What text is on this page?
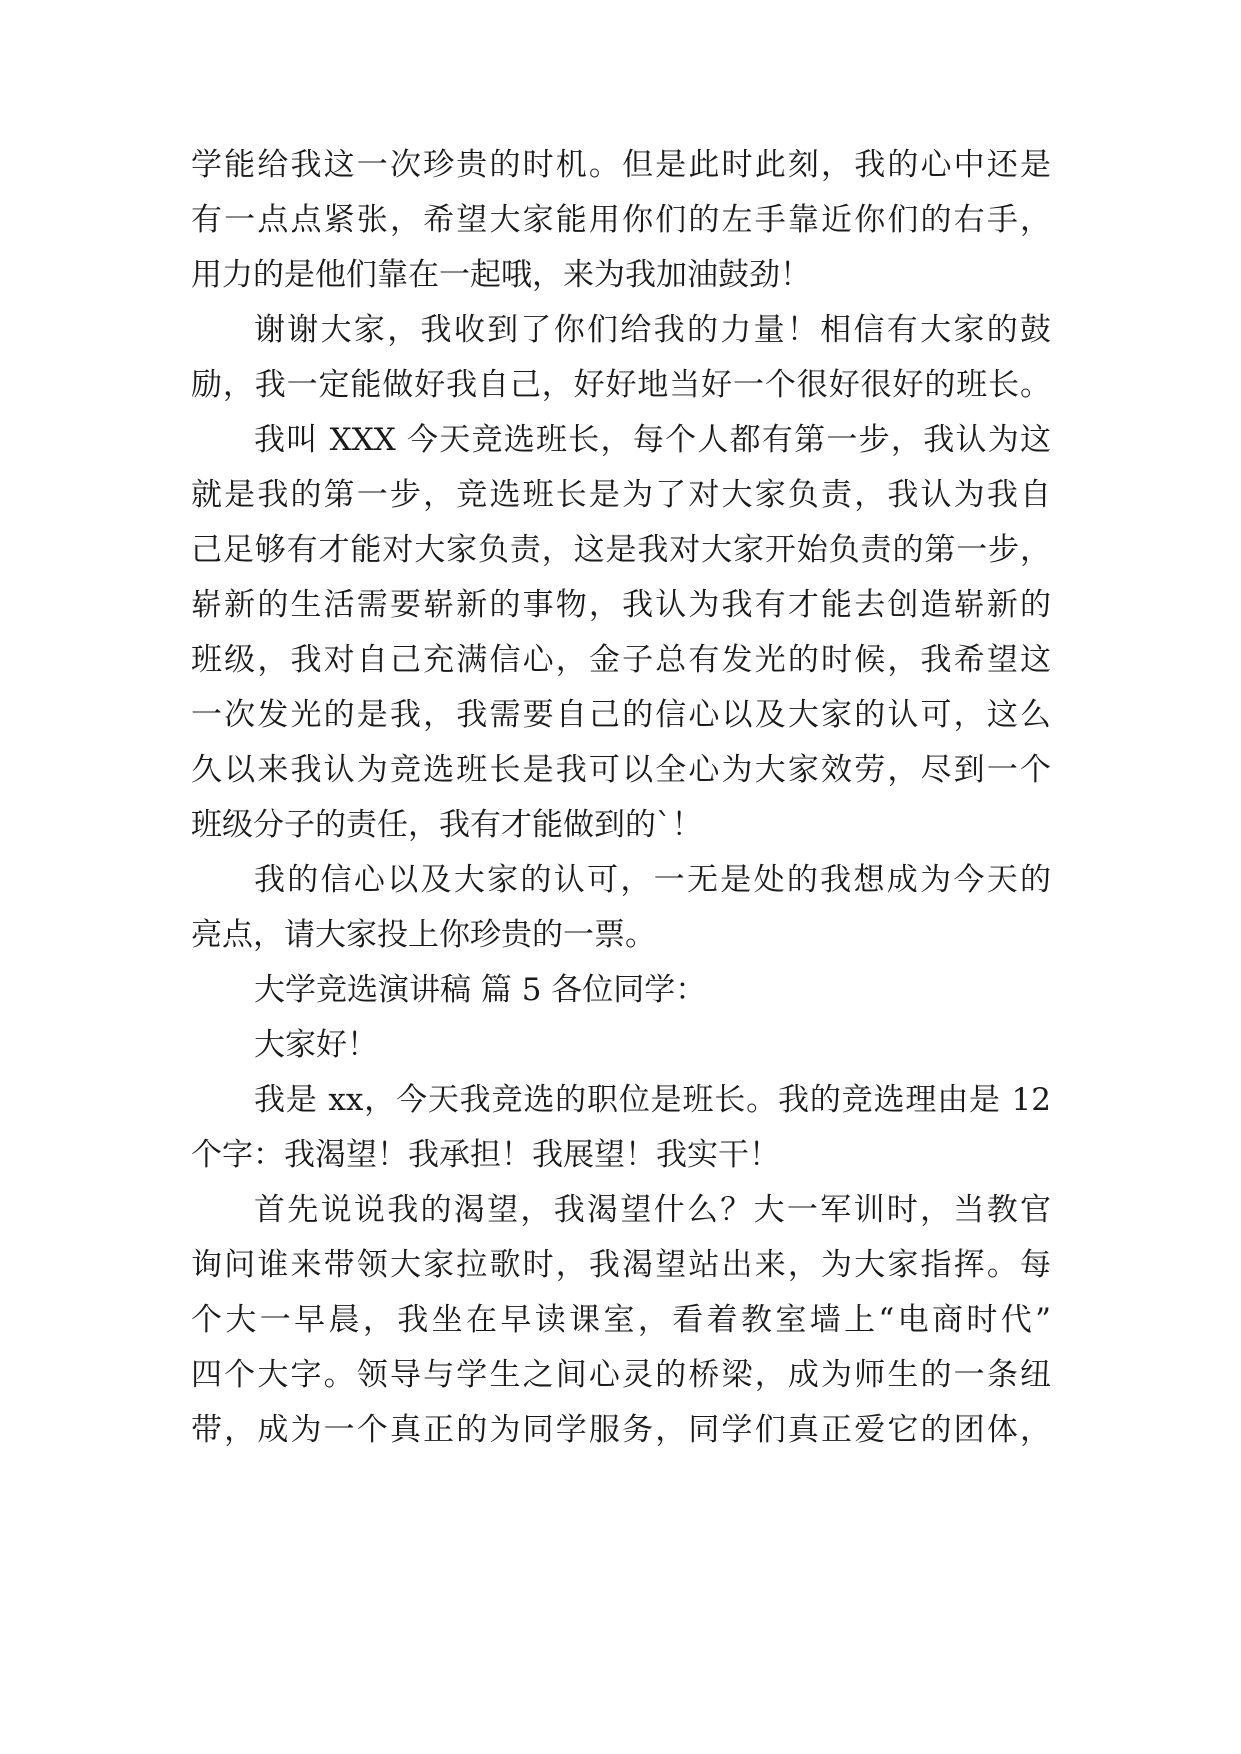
学能给我这一次珍贵的时机。但是此时此刻，我的心中还是
有一点点紧张，希望大家能用你们的左手靠近你们的右手，
用力的是他们靠在一起哦，来为我加油鼓劲！
谢谢大家，我收到了你们给我的力量！相信有大家的鼓
励，我一定能做好我自己，好好地当好一个很好很好的班长。
我叫 XXX 今天竞选班长，每个人都有第一步，我认为这
就是我的第一步，竞选班长是为了对大家负责，我认为我自
己足够有才能对大家负责，这是我对大家开始负责的第一步，
崭新的生活需要崭新的事物，我认为我有才能去创造崭新的
班级，我对自己充满信心，金子总有发光的时候，我希望这
一次发光的是我，我需要自己的信心以及大家的认可，这么
久以来我认为竞选班长是我可以全心为大家效劳，尽到一个
班级分子的责任，我有才能做到的`！
我的信心以及大家的认可，一无是处的我想成为今天的
亮点，请大家投上你珍贵的一票。
大学竞选演讲稿 篇 5 各位同学：
大家好！
我是 xx，今天我竞选的职位是班长。我的竞选理由是 12
个字：我渴望！我承担！我展望！我实干！
首先说说我的渴望，我渴望什么？大一军训时，当教官
询问谁来带领大家拉歌时，我渴望站出来，为大家指挥。每
个大一早晨，我坐在早读课室，看着教室墙上“电商时代”
四个大字。领导与学生之间心灵的桥梁，成为师生的一条纽
带，成为一个真正的为同学服务，同学们真正爱它的团体，
